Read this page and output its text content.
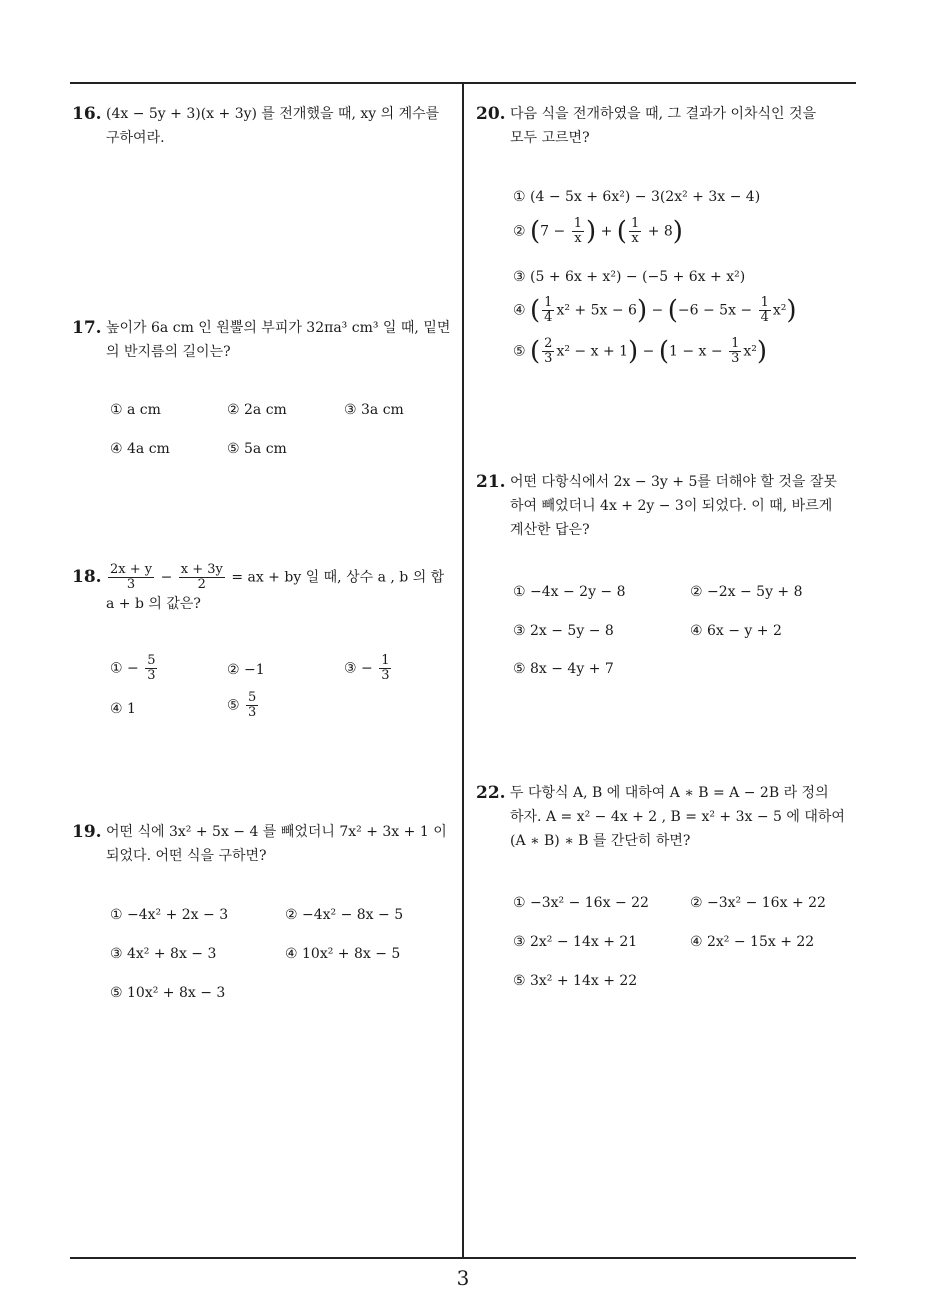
3
16. (4x − 5y + 3)(x + 3y) 를 전개했을 때, xy 의 계수를
구하여라.
17. 높이가 6a cm 인 원뿔의 부피가 32πa³ cm³ 일 때, 밑면
의 반지름의 길이는?
① a cm	② 2a cm	③ 3a cm
④ 4a cm	⑤ 5a cm
18. $\frac{2x + y}{3} - \frac{x + 3y}{2}$ = ax + by 일 때, 상수 a , b 의 합
a + b 의 값은?
① − $\frac{5}{3}$	② −1	③ − $\frac{1}{3}$
④ 1	⑤ $\frac{5}{3}$
19. 어떤 식에 3x² + 5x − 4 를 빼었더니 7x² + 3x + 1 이
되었다. 어떤 식을 구하면?
① −4x² + 2x − 3	② −4x² − 8x − 5
③ 4x² + 8x − 3	④ 10x² + 8x − 5
⑤ 10x² + 8x − 3
20. 다음 식을 전개하였을 때, 그 결과가 이차식인 것을
모두 고르면?
① (4 − 5x + 6x²) − 3(2x² + 3x − 4)
② ($7 - \frac{1}{x}$ ) + ( $\frac{1}{x} + 8$)
③ (5 + 6x + x²) − (−5 + 6x + x²)
④ ( $\frac{1}{4} x^2 + 5x - 6) - (-6 - 5x - \frac{1}{4} x^2)$
⑤ ( $\frac{2}{3} x^2 - x + 1) - (1 - x - \frac{1}{3} x^2)$
21. 어떤 다항식에서 2x − 3y + 5를 더해야 할 것을 잘못
하여 빼었더니 4x + 2y − 3이 되었다. 이 때, 바르게
계산한 답은?
① −4x − 2y − 8	② −2x − 5y + 8
③ 2x − 5y − 8	④ 6x − y + 2
⑤ 8x − 4y + 7
22. 두 다항식 A, B 에 대하여 A ∗ B = A − 2B 라 정의
하자. A = x² − 4x + 2 , B = x² + 3x − 5 에 대하여
(A ∗ B) ∗ B 를 간단히 하면?
① −3x² − 16x − 22	② −3x² − 16x + 22
③ 2x² − 14x + 21	④ 2x² − 15x + 22
⑤ 3x² + 14x + 22
